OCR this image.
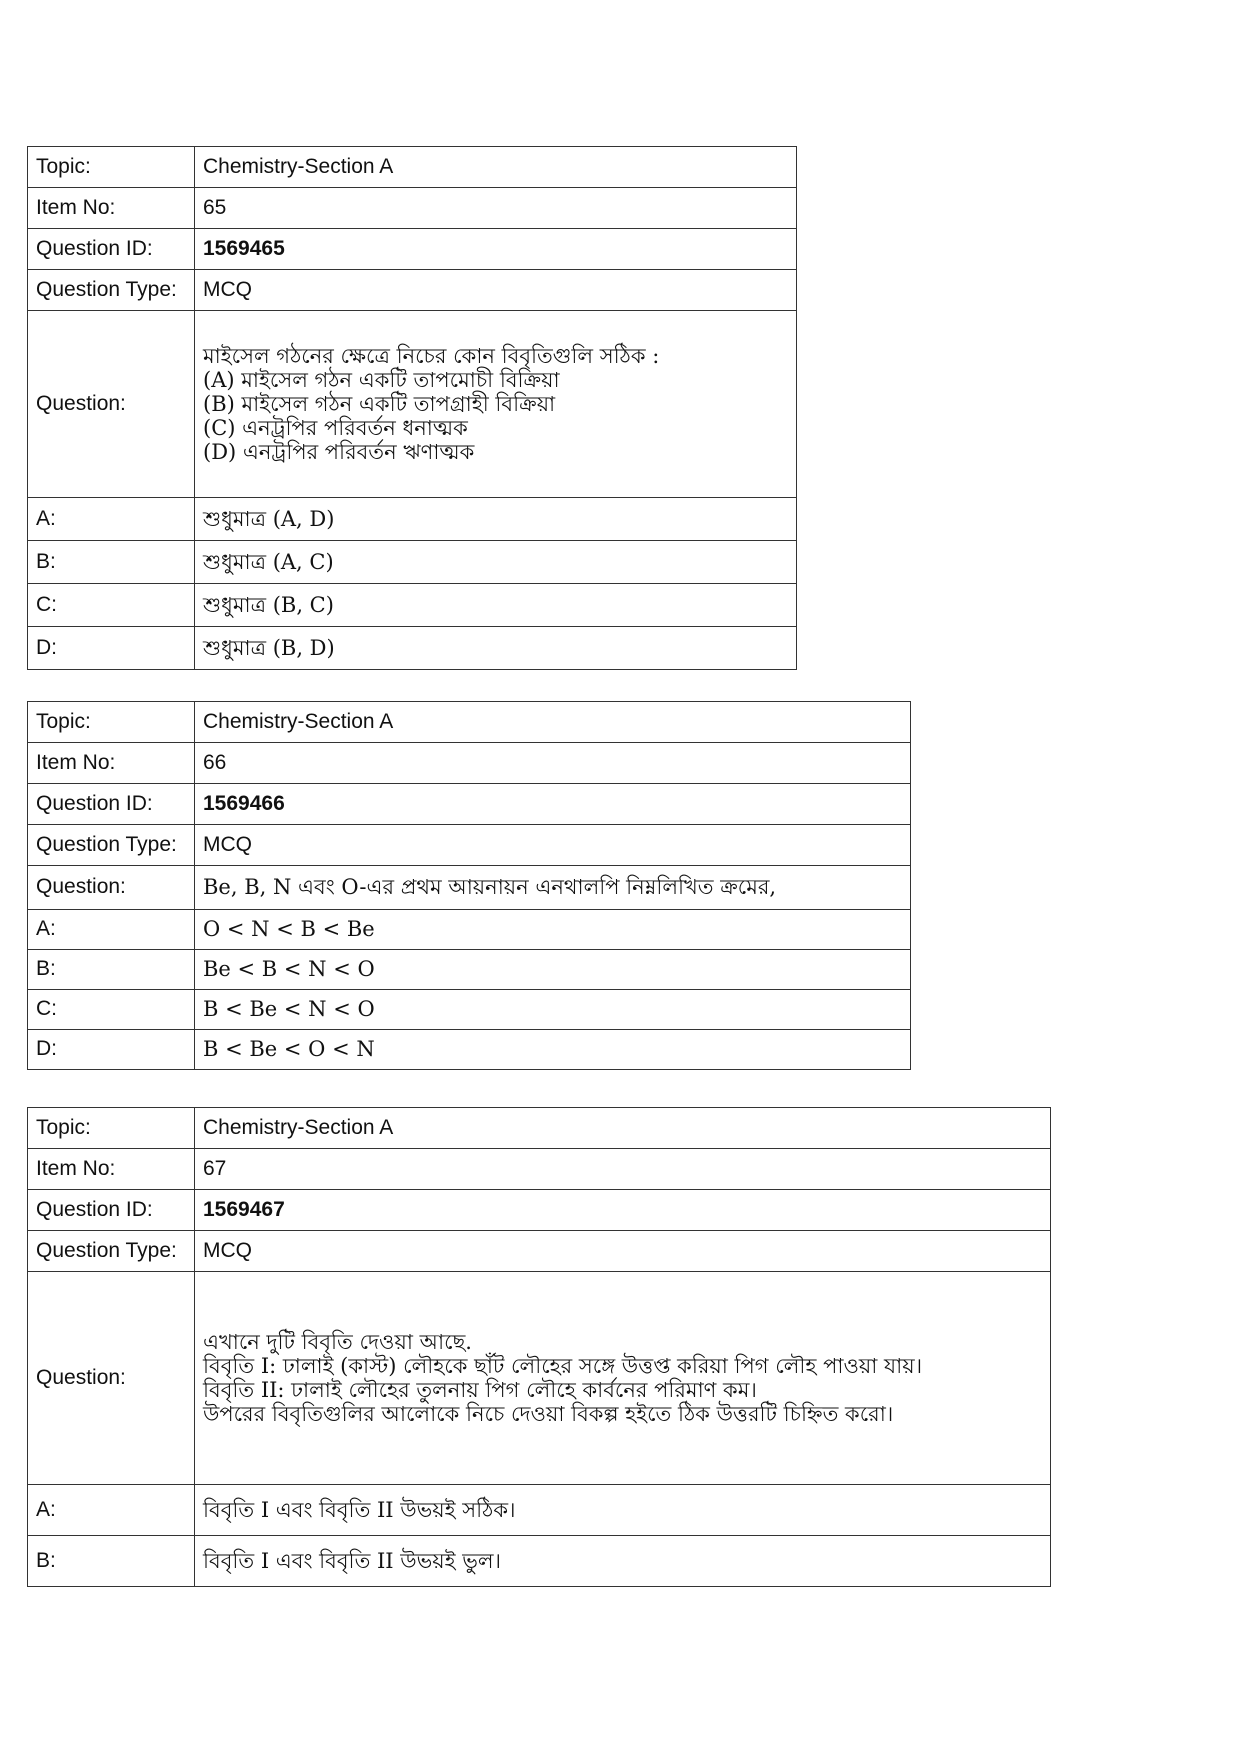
Topic:	Chemistry-Section A
Item No:	65
Question ID:	1569465
Question Type:	MCQ
Question:	মাইসেল গঠনের ক্ষেত্রে নিচের কোন বিবৃতিগুলি সঠিক :
(A) মাইসেল গঠন একটি তাপমোচী বিক্রিয়া
(B) মাইসেল গঠন একটি তাপগ্রাহী বিক্রিয়া
(C) এনট্রপির পরিবর্তন ধনাত্মক
(D) এনট্রপির পরিবর্তন ঋণাত্মক

A:	শুধুমাত্র (A, D)
B:	শুধুমাত্র (A, C)
C:	শুধুমাত্র (B, C)
D:	শুধুমাত্র (B, D)
Topic:	Chemistry-Section A
Item No:	66
Question ID:	1569466
Question Type:	MCQ
Question:	Be, B, N এবং O-এর প্রথম আয়নায়ন এনথালপি নিম্নলিখিত ক্রমের,

A:	O < N < B < Be
B:	Be < B < N < O
C:	B < Be < N < O
D:	B < Be < O < N
Topic:	Chemistry-Section A
Item No:	67
Question ID:	1569467
Question Type:	MCQ
Question:	এখানে দুটি বিবৃতি দেওয়া আছে.
বিবৃতি I: ঢালাই (কাস্ট) লৌহকে ছাঁট লৌহের সঙ্গে উত্তপ্ত করিয়া পিগ লৌহ পাওয়া যায়।
বিবৃতি II: ঢালাই লৌহের তুলনায় পিগ লৌহে কার্বনের পরিমাণ কম।
উপরের বিবৃতিগুলির আলোকে নিচে দেওয়া বিকল্প হইতে ঠিক উত্তরটি চিহ্নিত করো।

A:	বিবৃতি I এবং বিবৃতি II উভয়ই সঠিক।
B:	বিবৃতি I এবং বিবৃতি II উভয়ই ভুল।
